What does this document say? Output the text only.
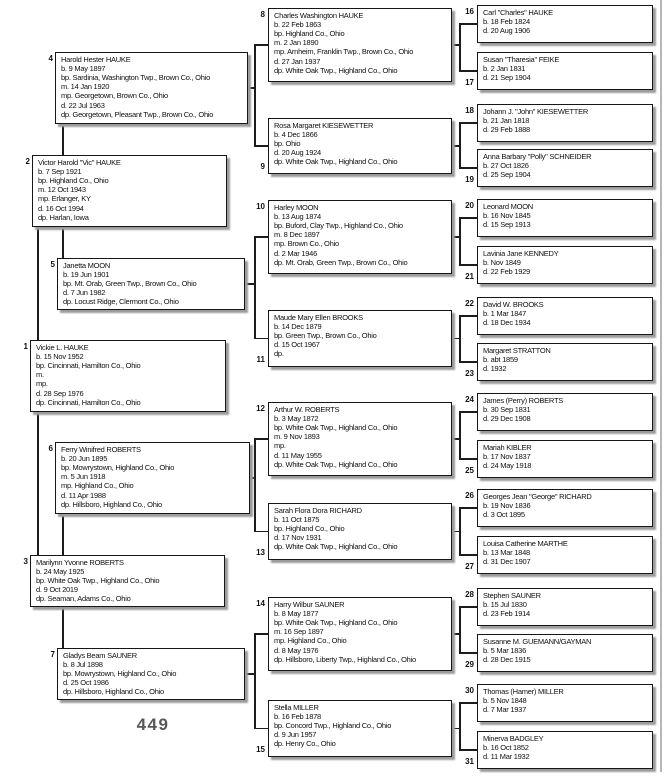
Vickie L. HAUKE
b. 15 Nov 1952
bp. Cincinnati, Hamilton Co., Ohio
m.
mp.
d. 28 Sep 1976
dp. Cincinnati, Hamilton Co., Ohio
1
Victor Harold "Vic" HAUKE
b. 7 Sep 1921
bp. Highland Co., Ohio
m. 12 Oct 1943
mp. Erlanger, KY
d. 16 Oct 1994
dp. Harlan, Iowa
2
Marilynn Yvonne ROBERTS
b. 24 May 1925
bp. White Oak Twp., Highland Co., Ohio
d. 9 Oct 2019
dp. Seaman, Adams Co., Ohio
3
Harold Hester HAUKE
b. 9 May 1897
bp. Sardinia, Washington Twp., Brown Co., Ohio
m. 14 Jan 1920
mp. Georgetown, Brown Co., Ohio
d. 22 Jul 1963
dp. Georgetown, Pleasant Twp., Brown Co., Ohio
4
Janetta MOON
b. 19 Jun 1901
bp. Mt. Orab, Green Twp., Brown Co., Ohio
d. 7 Jun 1982
dp. Locust Ridge, Clermont Co., Ohio
5
Ferry Winifred ROBERTS
b. 20 Jun 1895
bp. Mowrystown, Highland Co., Ohio
m. 5 Jun 1918
mp. Highland Co., Ohio
d. 11 Apr 1988
dp. Hillsboro, Highland Co., Ohio
6
Gladys Beam SAUNER
b. 8 Jul 1898
bp. Mowrystown, Highland Co., Ohio
d. 25 Oct 1986
dp. Hillsboro, Highland Co., Ohio
7
Charles Washington HAUKE
b. 22 Feb 1863
bp. Highland Co., Ohio
m. 2 Jan 1890
mp. Arnheim, Franklin Twp., Brown Co., Ohio
d. 27 Jan 1937
dp. White Oak Twp., Highland Co., Ohio
8
Rosa Margaret KIESEWETTER
b. 4 Dec 1866
bp. Ohio
d. 20 Aug 1924
dp. White Oak Twp., Highland Co., Ohio
9
Harley MOON
b. 13 Aug 1874
bp. Buford, Clay Twp., Highland Co., Ohio
m. 8 Dec 1897
mp. Brown Co., Ohio
d. 2 Mar 1946
dp. Mt. Orab, Green Twp., Brown Co., Ohio
10
Maude Mary Ellen BROOKS
b. 14 Dec 1879
bp. Green Twp., Brown Co., Ohio
d. 15 Oct 1967
dp.
11
Arthur W. ROBERTS
b. 3 May 1872
bp. White Oak Twp., Highland Co., Ohio
m. 9 Nov 1893
mp.
d. 11 May 1955
dp. White Oak Twp., Highland Co., Ohio
12
Sarah Flora Dora RICHARD
b. 11 Oct 1875
bp. Highland Co., Ohio
d. 17 Nov 1931
dp. White Oak Twp., Highland Co., Ohio
13
Harry Wilbur SAUNER
b. 8 May 1877
bp. White Oak Twp., Highland Co., Ohio
m. 16 Sep 1897
mp. Highland Co., Ohio
d. 8 May 1976
dp. Hillsboro, Liberty Twp., Highland Co., Ohio
14
Stella MILLER
b. 16 Feb 1878
bp. Concord Twp., Highland Co., Ohio
d. 9 Jun 1957
dp. Henry Co., Ohio
15
Carl "Charles" HAUKE
b. 18 Feb 1824
d. 20 Aug 1906
16
Susan "Tharesia" FEIKE
b. 2 Jan 1831
d. 21 Sep 1904
17
Johann J. "John" KIESEWETTER
b. 21 Jan 1818
d. 29 Feb 1888
18
Anna Barbary "Polly" SCHNEIDER
b. 27 Oct 1826
d. 25 Sep 1904
19
Leonard MOON
b. 16 Nov 1845
d. 15 Sep 1913
20
Lavinia Jane KENNEDY
b. Nov 1849
d. 22 Feb 1929
21
David W. BROOKS
b. 1 Mar 1847
d. 18 Dec 1934
22
Margaret STRATTON
b. abt 1859
d. 1932
23
James (Perry) ROBERTS
b. 30 Sep 1831
d. 29 Dec 1908
24
Mariah KIBLER
b. 17 Nov 1837
d. 24 May 1918
25
Georges Jean "George" RICHARD
b. 19 Nov 1836
d. 3 Oct 1895
26
Louisa Catherine MARTHE
b. 13 Mar 1848
d. 31 Dec 1907
27
Stephen SAUNER
b. 15 Jul 1830
d. 23 Feb 1914
28
Susanne M. GUEMANN/GAYMAN
b. 5 Mar 1836
d. 28 Dec 1915
29
Thomas (Hamer) MILLER
b. 5 Nov 1848
d. 7 Mar 1937
30
Minerva BADGLEY
b. 16 Oct 1852
d. 11 Mar 1932
31
449
